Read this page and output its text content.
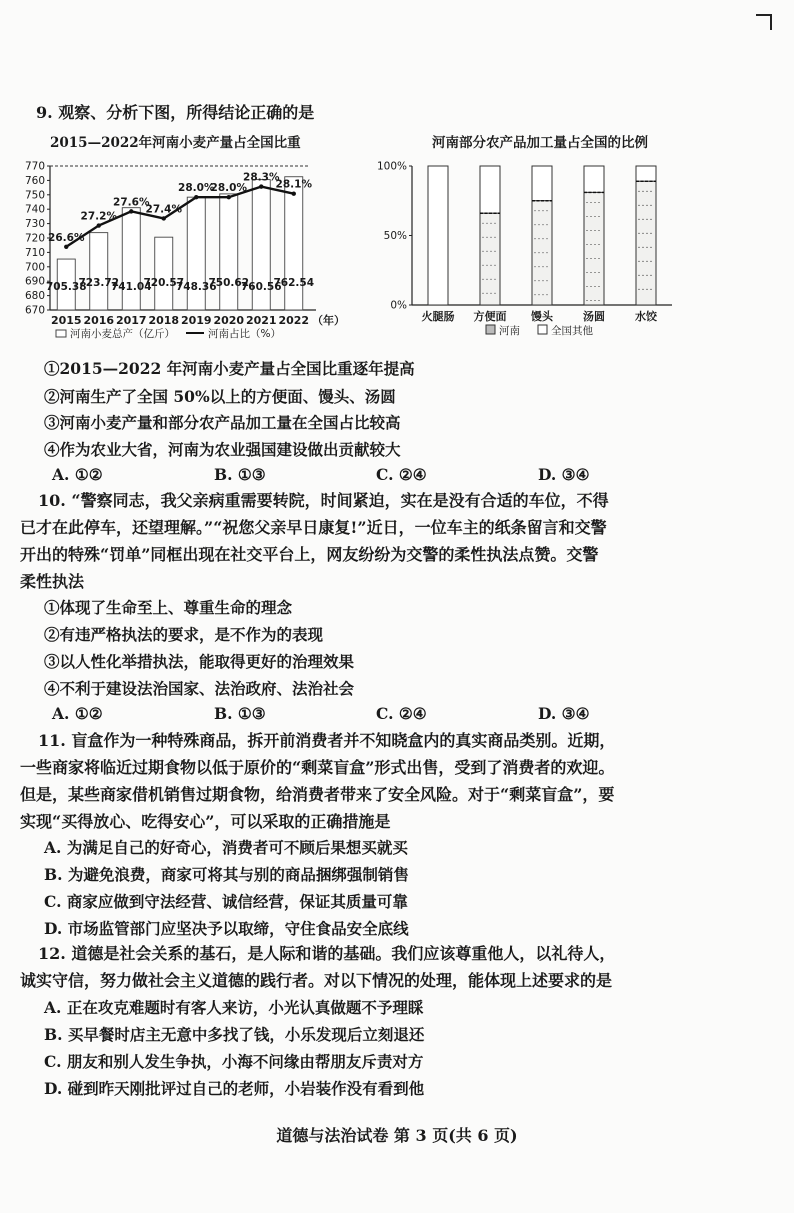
9. 观察、分析下图，所得结论正确的是
2015—2022年河南小麦产量占全国比重	河南部分农产品加工量占全国的比例
670
680
690
700
710
720
730
740
750
760
770
705.38
2015
723.72
2016
741.04
2017
720.57
2018
748.36
2019
750.62
2020
760.56
2021
762.54
2022
26.6%
27.2%
27.6%
27.4%
28.0%
28.0%
28.3%
28.1%
（年）
河南小麦总产（亿斤）	河南占比（%）
0%
50%
100%
火腿肠 方便面 馒头	汤圆	水饺
河南	全国其他
①2015—2022 年河南小麦产量占全国比重逐年提高
②河南生产了全国 50%以上的方便面、馒头、汤圆
③河南小麦产量和部分农产品加工量在全国占比较高
④作为农业大省，河南为农业强国建设做出贡献较大
A. ①②	B. ①③	C. ②④	D. ③④
10. “警察同志，我父亲病重需要转院，时间紧迫，实在是没有合适的车位，不得
已才在此停车，还望理解。”“祝您父亲早日康复!”近日，一位车主的纸条留言和交警
开出的特殊“罚单”同框出现在社交平台上，网友纷纷为交警的柔性执法点赞。交警
柔性执法
①体现了生命至上、尊重生命的理念
②有违严格执法的要求，是不作为的表现
③以人性化举措执法，能取得更好的治理效果
④不利于建设法治国家、法治政府、法治社会
A. ①②	B. ①③	C. ②④	D. ③④
11. 盲盒作为一种特殊商品，拆开前消费者并不知晓盒内的真实商品类别。近期，
一些商家将临近过期食物以低于原价的“剩菜盲盒”形式出售，受到了消费者的欢迎。
但是，某些商家借机销售过期食物，给消费者带来了安全风险。对于“剩菜盲盒”，要
实现“买得放心、吃得安心”，可以采取的正确措施是
A. 为满足自己的好奇心，消费者可不顾后果想买就买
B. 为避免浪费，商家可将其与别的商品捆绑强制销售
C. 商家应做到守法经营、诚信经营，保证其质量可靠
D. 市场监管部门应坚决予以取缔，守住食品安全底线
12. 道德是社会关系的基石，是人际和谐的基础。我们应该尊重他人，以礼待人，
诚实守信，努力做社会主义道德的践行者。对以下情况的处理，能体现上述要求的是
A. 正在攻克难题时有客人来访，小光认真做题不予理睬
B. 买早餐时店主无意中多找了钱，小乐发现后立刻退还
C. 朋友和别人发生争执，小海不问缘由帮朋友斥责对方
D. 碰到昨天刚批评过自己的老师，小岩装作没有看到他
道德与法治试卷 第 3 页(共 6 页)
